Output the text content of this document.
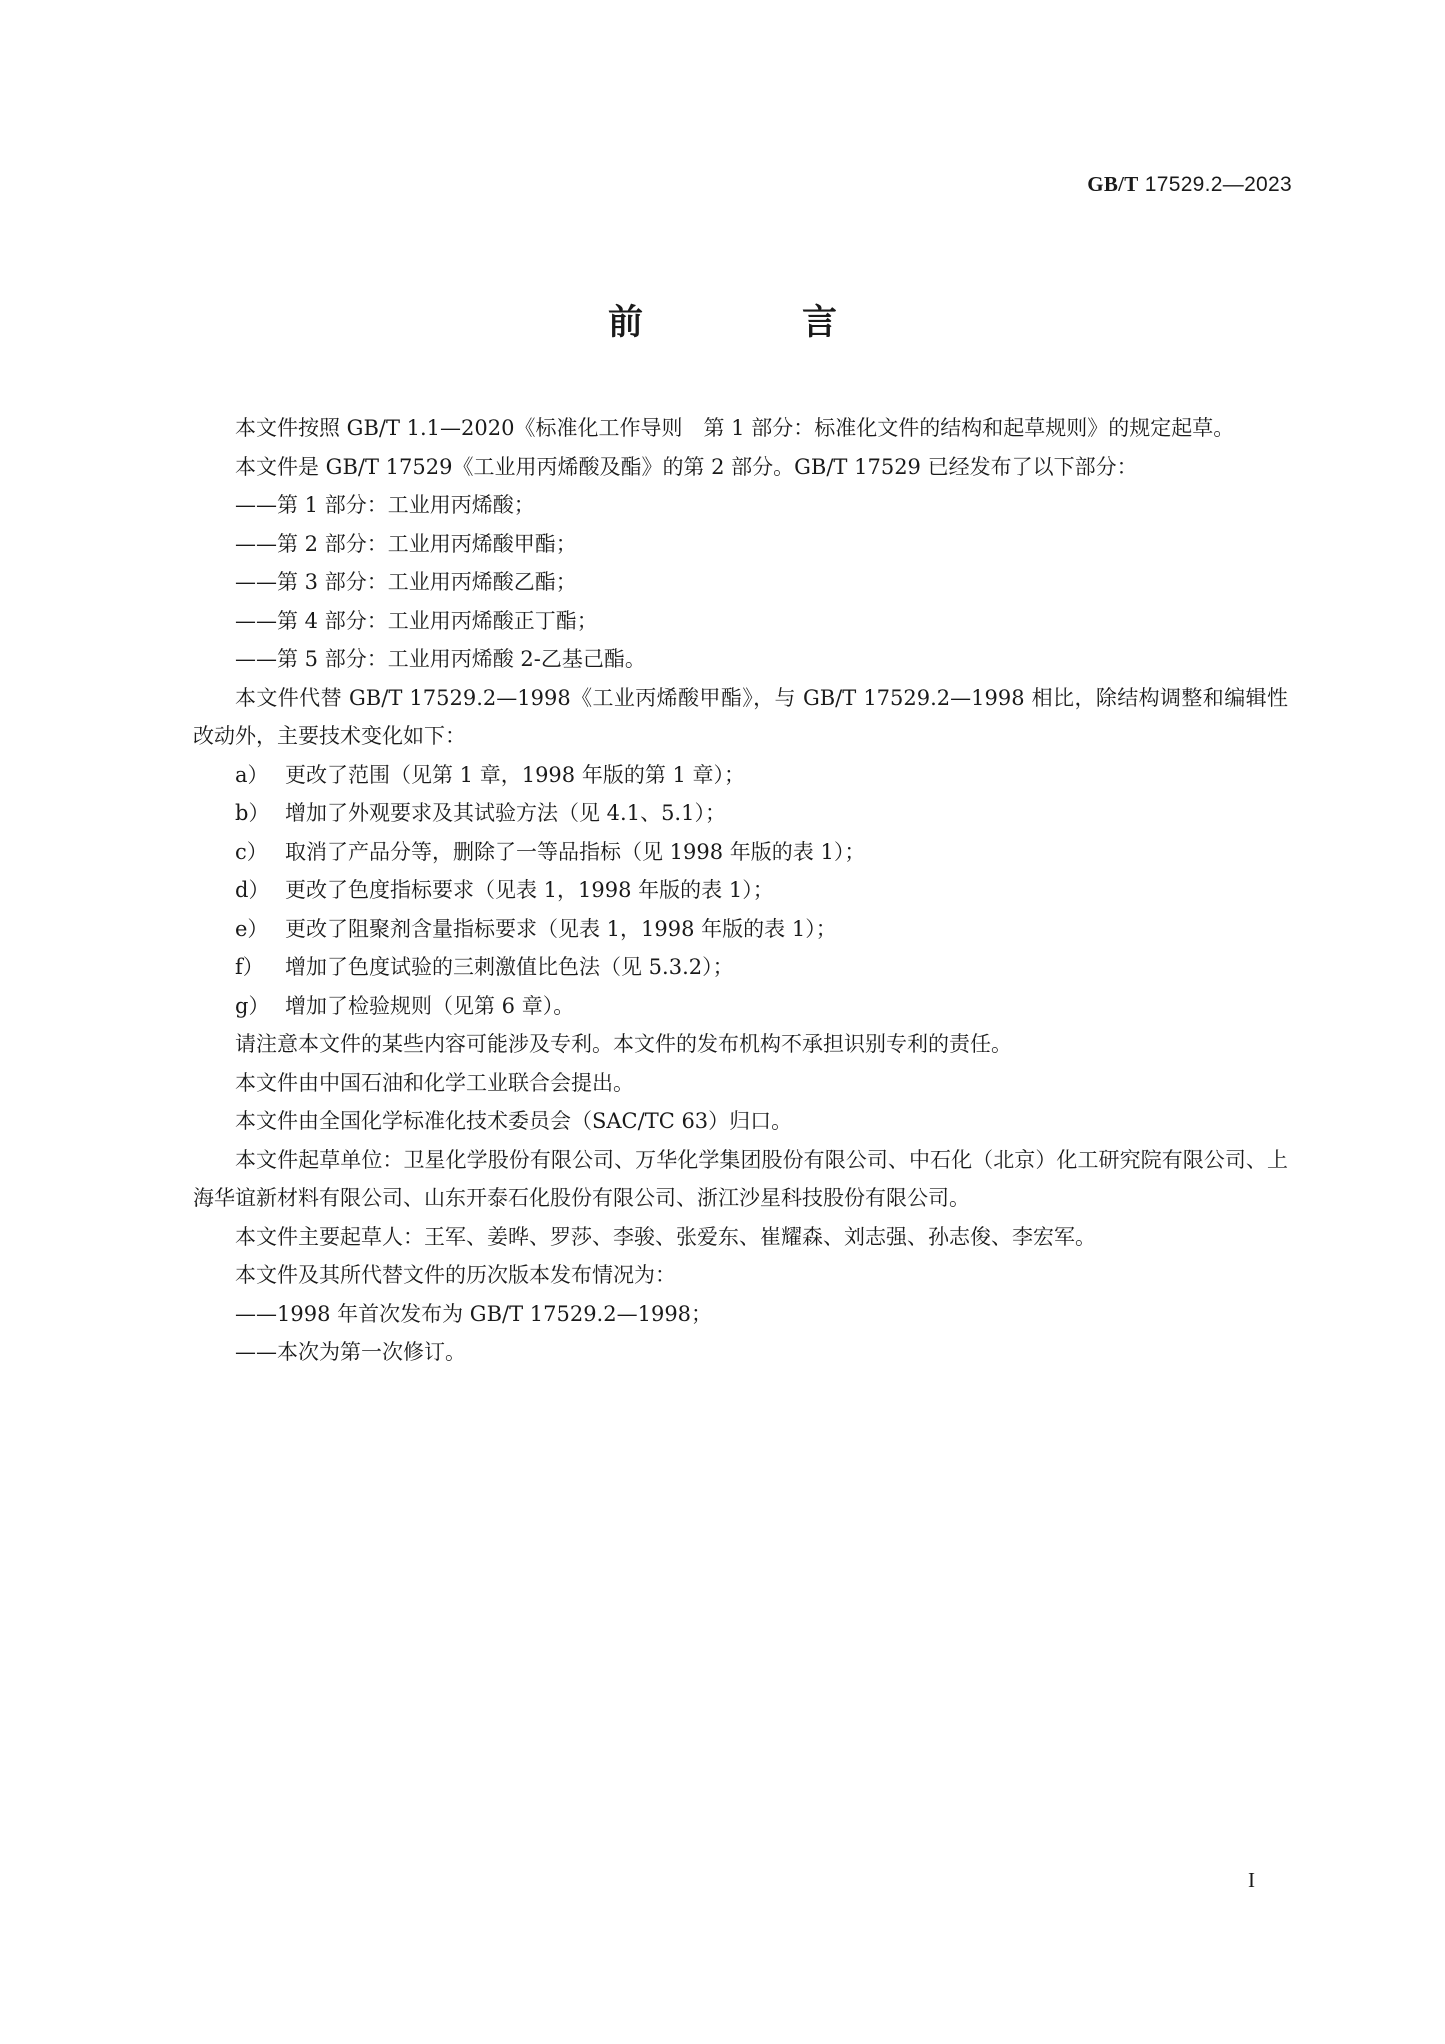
GB/T 17529.2—2023
前　言

本文件按照 GB/T 1.1—2020《标准化工作导则　第 1 部分：标准化文件的结构和起草规则》的规定起草。

本文件是 GB/T 17529《工业用丙烯酸及酯》的第 2 部分。GB/T 17529 已经发布了以下部分：

——第 1 部分：工业用丙烯酸；

——第 2 部分：工业用丙烯酸甲酯；

——第 3 部分：工业用丙烯酸乙酯；

——第 4 部分：工业用丙烯酸正丁酯；

——第 5 部分：工业用丙烯酸 2-乙基己酯。

本文件代替 GB/T 17529.2—1998《工业丙烯酸甲酯》，与 GB/T 17529.2—1998 相比，除结构调整和编辑性改动外，主要技术变化如下：

a） 更改了范围（见第 1 章，1998 年版的第 1 章）；

b） 增加了外观要求及其试验方法（见 4.1、5.1）；

c） 取消了产品分等，删除了一等品指标（见 1998 年版的表 1）；

d） 更改了色度指标要求（见表 1，1998 年版的表 1）；

e） 更改了阻聚剂含量指标要求（见表 1，1998 年版的表 1）；

f） 增加了色度试验的三刺激值比色法（见 5.3.2）；

g） 增加了检验规则（见第 6 章）。

请注意本文件的某些内容可能涉及专利。本文件的发布机构不承担识别专利的责任。

本文件由中国石油和化学工业联合会提出。

本文件由全国化学标准化技术委员会（SAC/TC 63）归口。

本文件起草单位：卫星化学股份有限公司、万华化学集团股份有限公司、中石化（北京）化工研究院有限公司、上海华谊新材料有限公司、山东开泰石化股份有限公司、浙江沙星科技股份有限公司。

本文件主要起草人：王军、姜晔、罗莎、李骏、张爱东、崔耀森、刘志强、孙志俊、李宏军。

本文件及其所代替文件的历次版本发布情况为：

——1998 年首次发布为 GB/T 17529.2—1998；

——本次为第一次修订。

I
